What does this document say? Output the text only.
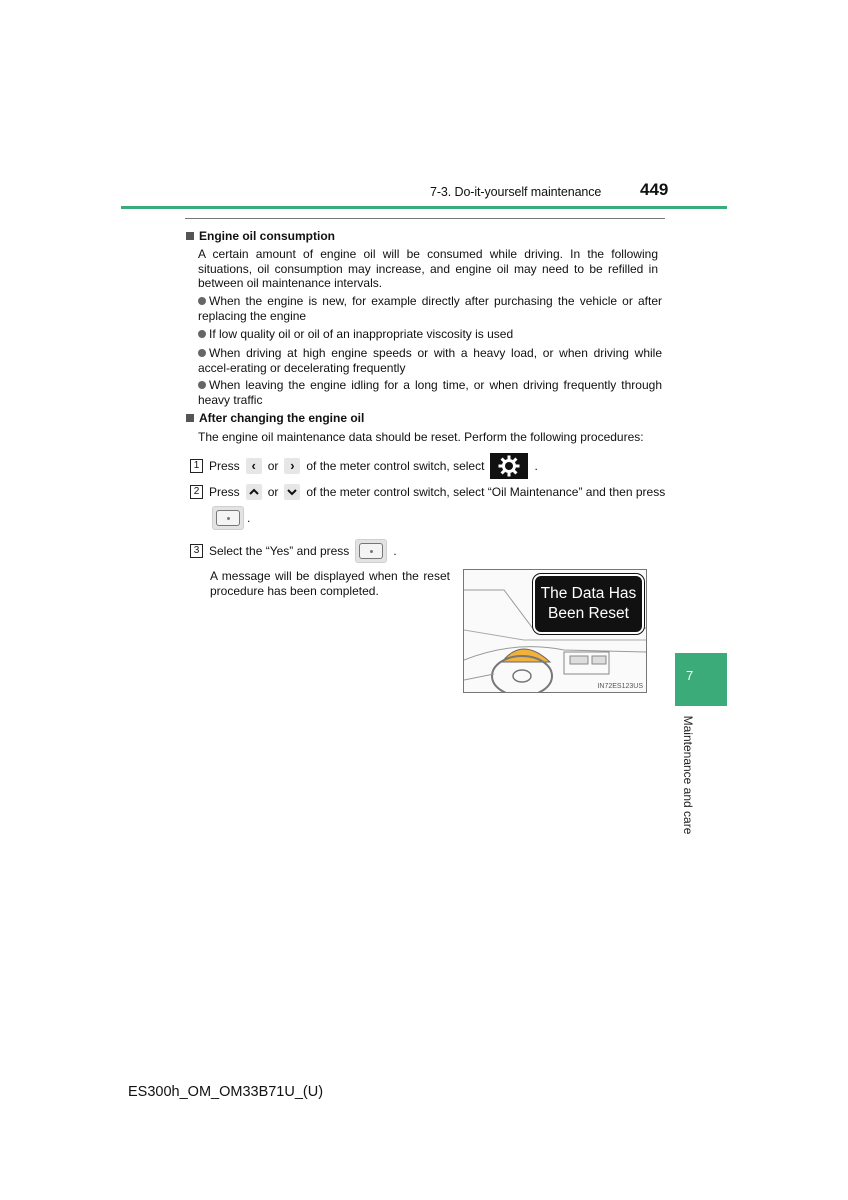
7-3. Do-it-yourself maintenance 449
Engine oil consumption
A certain amount of engine oil will be consumed while driving. In the following situations, oil consumption may increase, and engine oil may need to be refilled in between oil maintenance intervals.
When the engine is new, for example directly after purchasing the vehicle or after replacing the engine
If low quality oil or oil of an inappropriate viscosity is used
When driving at high engine speeds or with a heavy load, or when driving while accel-erating or decelerating frequently
When leaving the engine idling for a long time, or when driving frequently through heavy traffic
After changing the engine oil
The engine oil maintenance data should be reset. Perform the following procedures:
1 Press ‹ or › of the meter control switch, select	.
2 Press or of the meter control switch, select “Oil Maintenance” and then press
.
3 Select the “Yes” and press	.
A message will be displayed when the reset procedure has been completed.	The Data Has
Been Reset
IN72ES123US
7
Maintenance and care
ES300h_OM_OM33B71U_(U)
